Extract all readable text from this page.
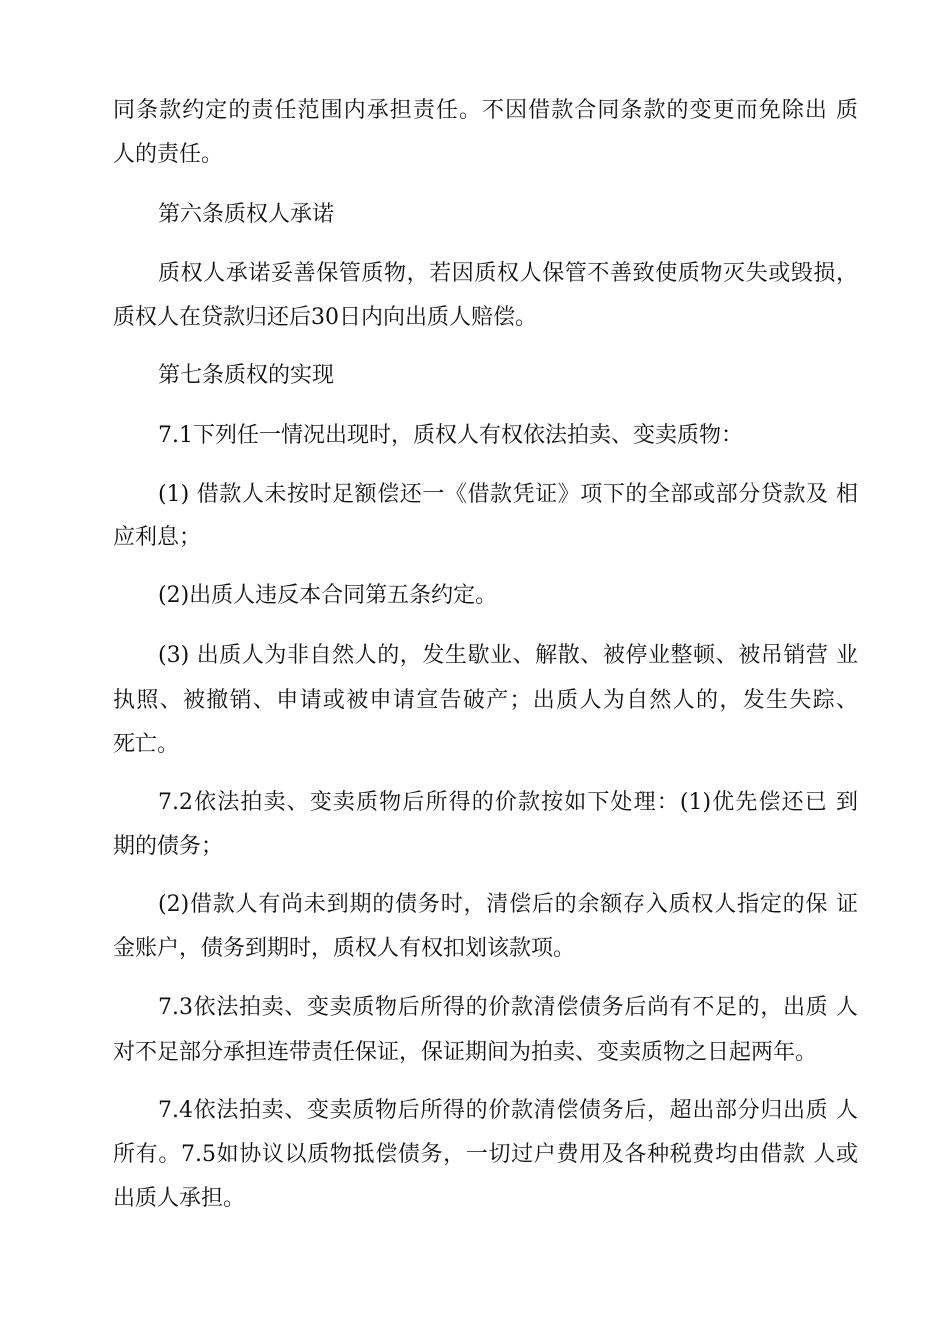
同条款约定的责任范围内承担责任。不因借款合同条款的变更而免除出 质
人的责任。
第六条质权人承诺
质权人承诺妥善保管质物，若因质权人保管不善致使质物灭失或毁损，
质权人在贷款归还后30日内向出质人赔偿。
第七条质权的实现
7.1下列任一情况出现时，质权人有权依法拍卖、变卖质物：
(1) 借款人未按时足额偿还一《借款凭证》项下的全部或部分贷款及 相
应利息；
(2)出质人违反本合同第五条约定。
(3) 出质人为非自然人的，发生歇业、解散、被停业整顿、被吊销营 业
执照、被撤销、申请或被申请宣告破产；出质人为自然人的，发生失踪、
死亡。
7.2依法拍卖、变卖质物后所得的价款按如下处理：(1)优先偿还已 到
期的债务；
(2)借款人有尚未到期的债务时，清偿后的余额存入质权人指定的保 证
金账户，债务到期时，质权人有权扣划该款项。
7.3依法拍卖、变卖质物后所得的价款清偿债务后尚有不足的，出质 人
对不足部分承担连带责任保证，保证期间为拍卖、变卖质物之日起两年。
7.4依法拍卖、变卖质物后所得的价款清偿债务后，超出部分归出质 人
所有。7.5如协议以质物抵偿债务，一切过户费用及各种税费均由借款 人或
出质人承担。
